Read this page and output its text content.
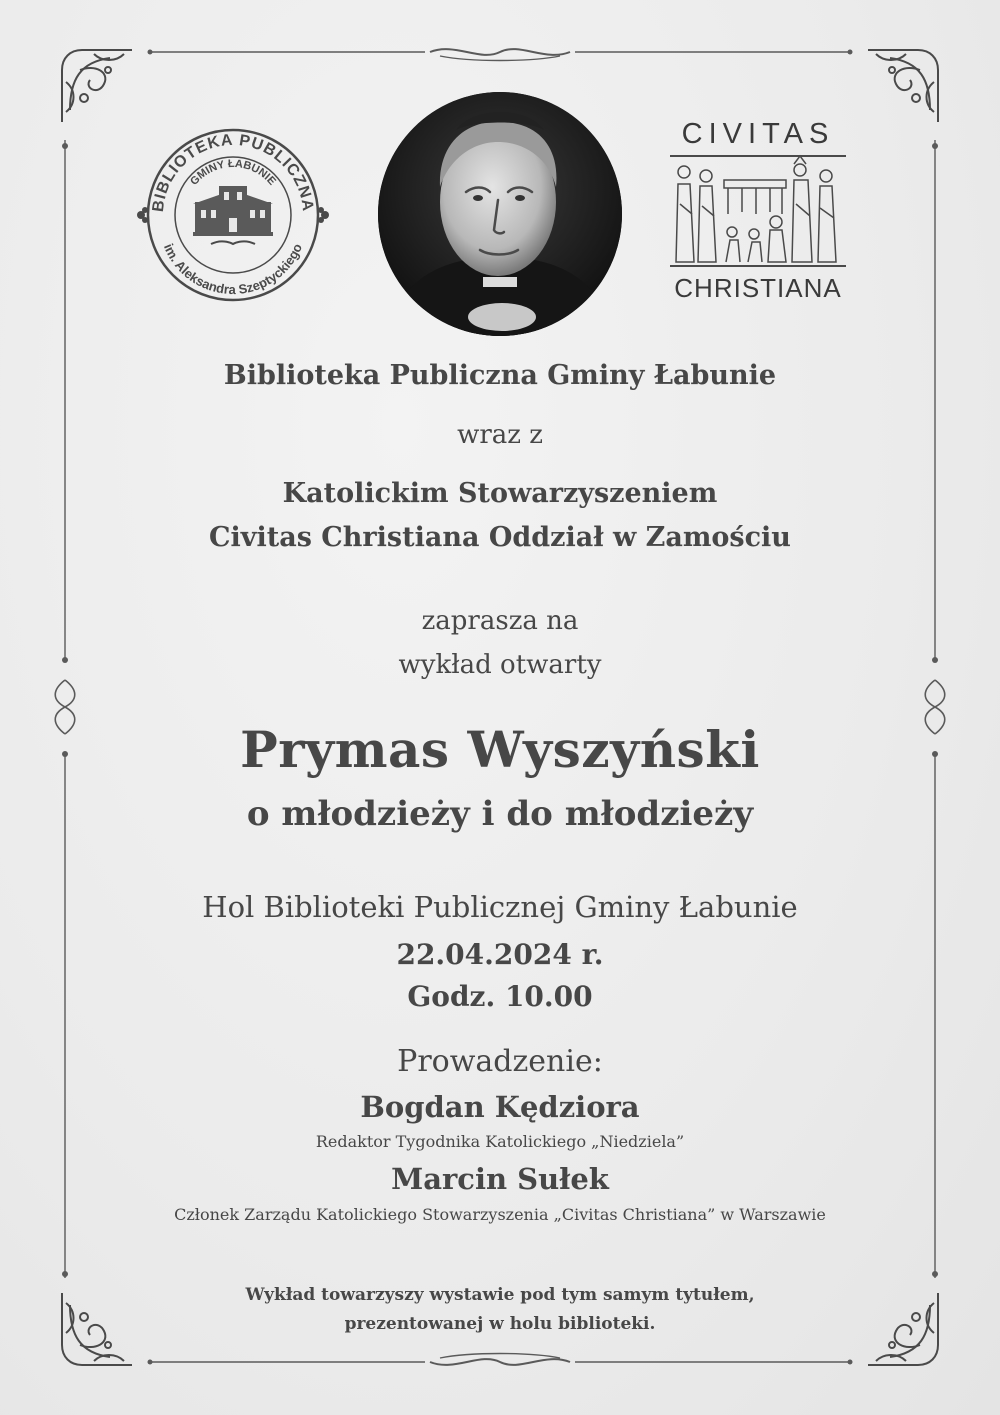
BIBLIOTEKA PUBLICZNA
GMINY ŁABUNIE
im. Aleksandra Szeptyckiego
CIVITAS
CHRISTIANA
Biblioteka Publiczna Gminy Łabunie
wraz z
Katolickim Stowarzyszeniem
Civitas Christiana Oddział w Zamościu
zaprasza na
wykład otwarty
Prymas Wyszyński
o młodzieży i do młodzieży
Hol Biblioteki Publicznej Gminy Łabunie
22.04.2024 r.
Godz. 10.00
Prowadzenie:
Bogdan Kędziora
Redaktor Tygodnika Katolickiego „Niedziela”
Marcin Sułek
Członek Zarządu Katolickiego Stowarzyszenia „Civitas Christiana” w Warszawie
Wykład towarzyszy wystawie pod tym samym tytułem,
prezentowanej w holu biblioteki.
